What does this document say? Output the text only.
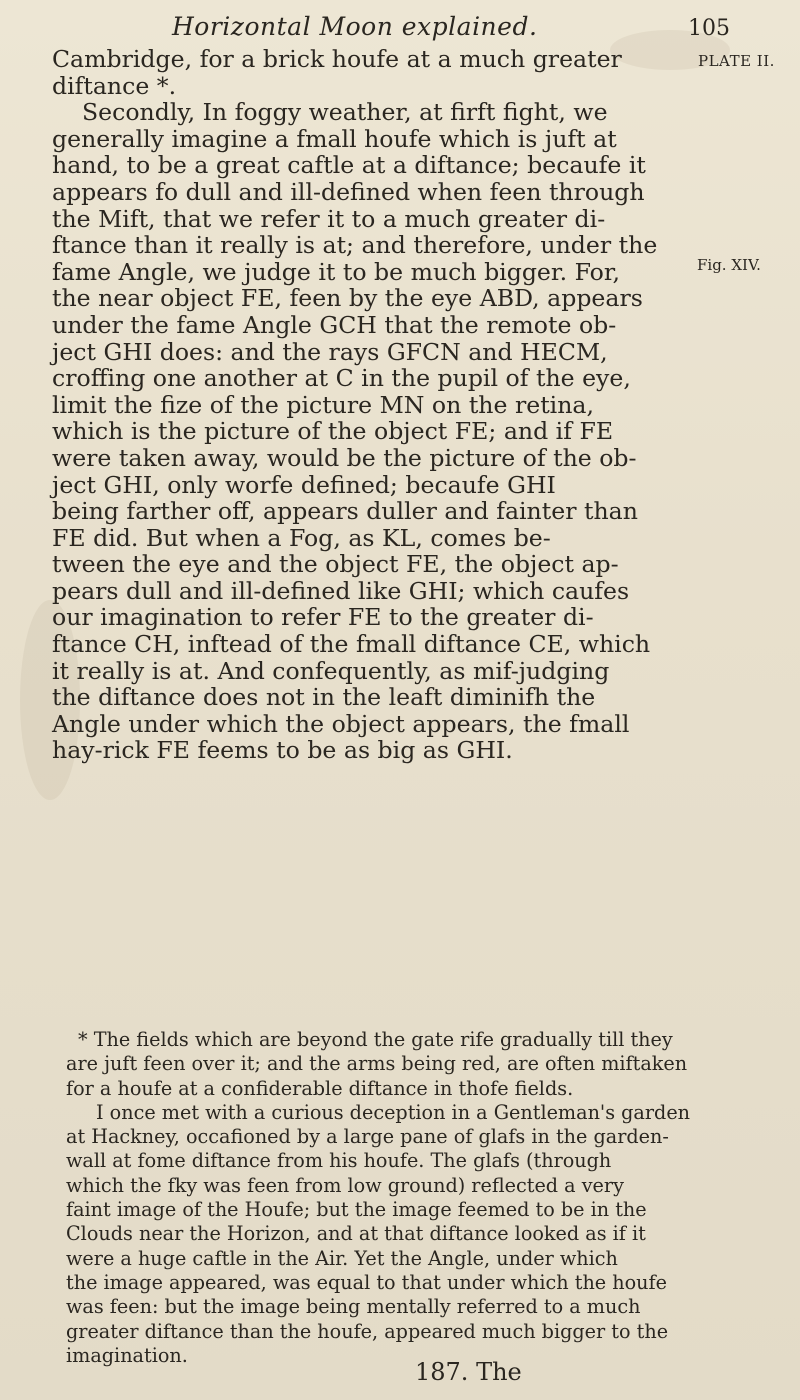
Horizontal Moon explained.	105
PLATE II.
Fig. XIV.
Cambridge, for a brick houfe at a much greater
diftance *.
Secondly, In foggy weather, at firft fight, we
generally imagine a fmall houfe which is juft at
hand, to be a great caftle at a diftance; becaufe it
appears fo dull and ill-defined when feen through
the Mift, that we refer it to a much greater di-
ftance than it really is at; and therefore, under the
fame Angle, we judge it to be much bigger. For,
the near object FE, feen by the eye ABD, appears
under the fame Angle GCH that the remote ob-
ject GHI does: and the rays GFCN and HECM,
croffing one another at C in the pupil of the eye,
limit the fize of the picture MN on the retina,
which is the picture of the object FE; and if FE
were taken away, would be the picture of the ob-
ject GHI, only worfe defined; becaufe GHI
being farther off, appears duller and fainter than
FE did. But when a Fog, as KL, comes be-
tween the eye and the object FE, the object ap-
pears dull and ill-defined like GHI; which caufes
our imagination to refer FE to the greater di-
ftance CH, inftead of the fmall diftance CE, which
it really is at. And confequently, as mif-judging
the diftance does not in the leaft diminifh the
Angle under which the object appears, the fmall
hay-rick FE feems to be as big as GHI.
* The fields which are beyond the gate rife gradually till they
are juft feen over it; and the arms being red, are often miftaken
for a houfe at a confiderable diftance in thofe fields.
I once met with a curious deception in a Gentleman's garden
at Hackney, occafioned by a large pane of glafs in the garden-
wall at fome diftance from his houfe. The glafs (through
which the fky was feen from low ground) reflected a very
faint image of the Houfe; but the image feemed to be in the
Clouds near the Horizon, and at that diftance looked as if it
were a huge caftle in the Air. Yet the Angle, under which
the image appeared, was equal to that under which the houfe
was feen: but the image being mentally referred to a much
greater diftance than the houfe, appeared much bigger to the
imagination.
187. The
